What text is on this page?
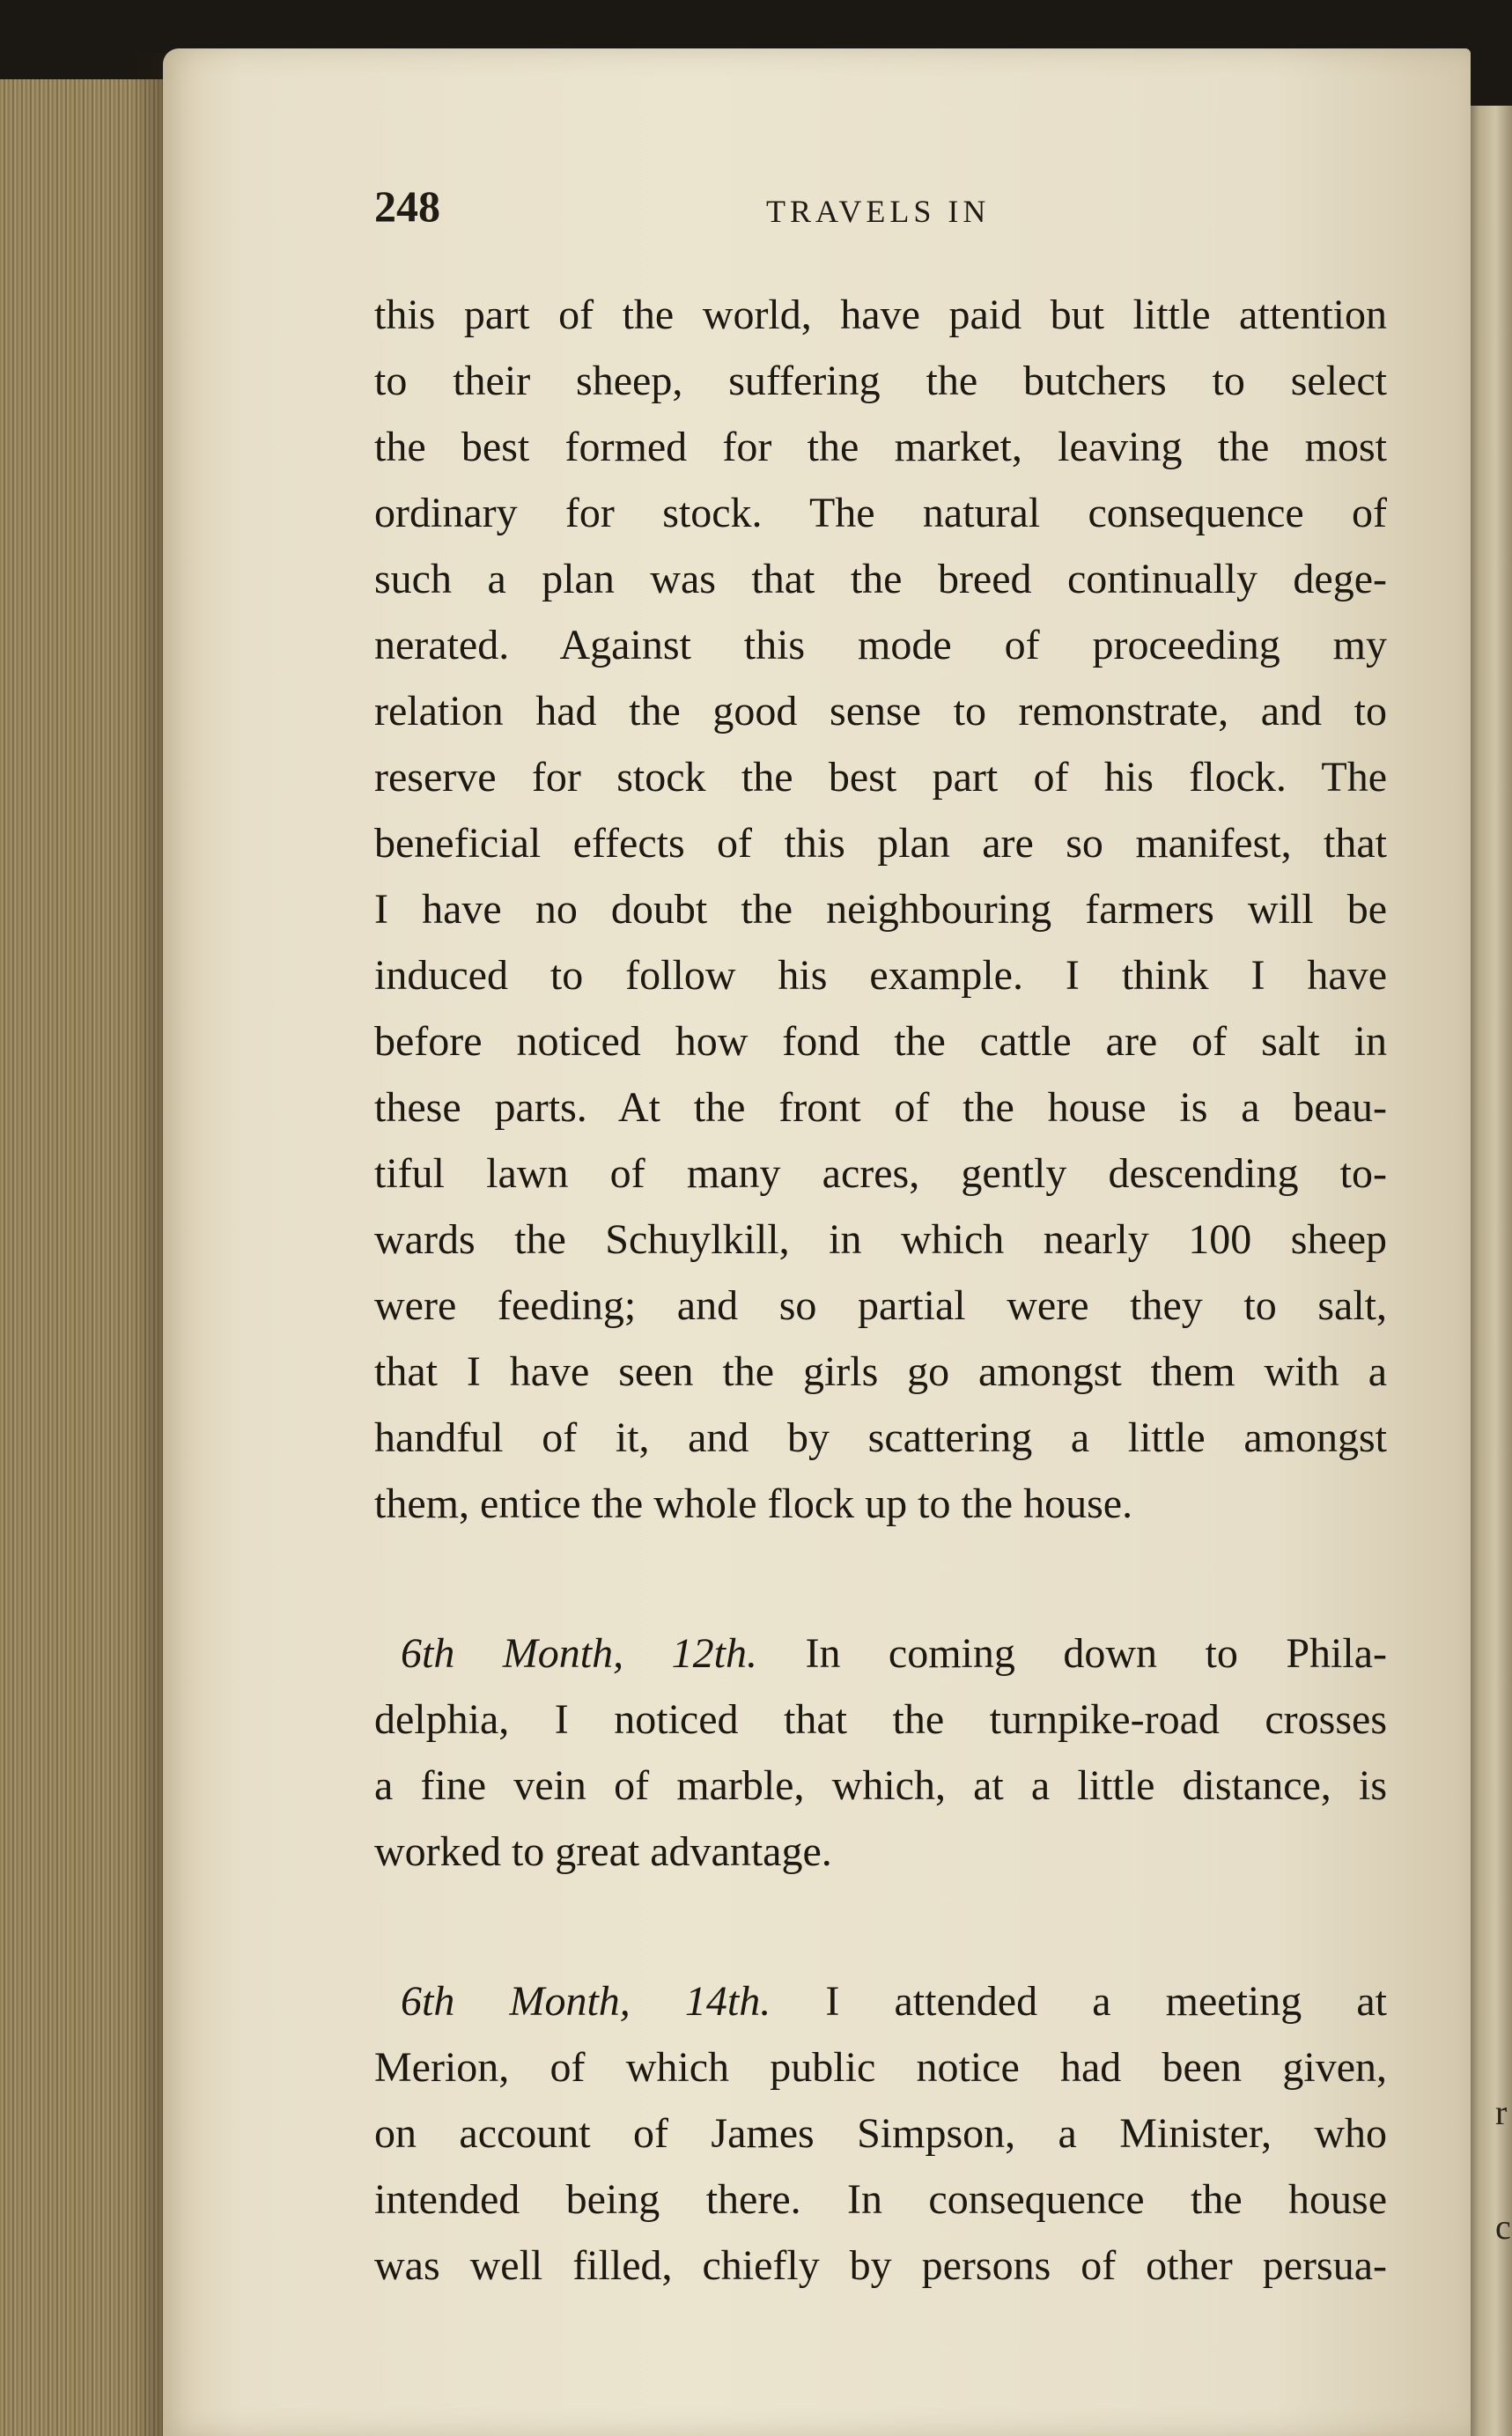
r
c
248	TRAVELS IN
this part of the world, have paid but little attention
to their sheep, suffering the butchers to select
the best formed for the market, leaving the most
ordinary for stock. The natural consequence of
such a plan was that the breed continually dege-
nerated. Against this mode of proceeding my
relation had the good sense to remonstrate, and to
reserve for stock the best part of his flock. The
beneficial effects of this plan are so manifest, that
I have no doubt the neighbouring farmers will be
induced to follow his example. I think I have
before noticed how fond the cattle are of salt in
these parts. At the front of the house is a beau-
tiful lawn of many acres, gently descending to-
wards the Schuylkill, in which nearly 100 sheep
were feeding; and so partial were they to salt,
that I have seen the girls go amongst them with a
handful of it, and by scattering a little amongst
them, entice the whole flock up to the house.
6th Month, 12th. In coming down to Phila-
delphia, I noticed that the turnpike-road crosses
a fine vein of marble, which, at a little distance, is
worked to great advantage.
6th Month, 14th. I attended a meeting at
Merion, of which public notice had been given,
on account of James Simpson, a Minister, who
intended being there. In consequence the house
was well filled, chiefly by persons of other persua-
